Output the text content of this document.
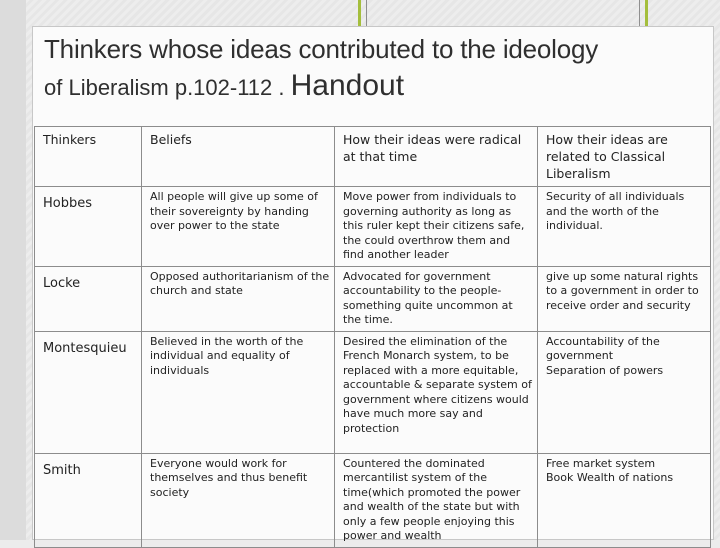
Thinkers whose ideas contributed to the ideology
of Liberalism p.102-112 . Handout
Thinkers	Beliefs	How their ideas were radical at that time	How their ideas are related to Classical Liberalism
Hobbes	All people will give up some of their sovereignty by handing over power to the state	Move power from individuals to governing authority as long as this ruler kept their citizens safe, the could overthrow them and find another leader	Security of all individuals and the worth of the individual.

Locke	Opposed authoritarianism of the church and state	Advocated for government accountability to the people- something quite uncommon at the time.	give up some natural rights to a government in order to receive order and security

Montesquieu	Believed in the worth of the individual and equality of individuals	Desired the elimination of the French Monarch system, to be replaced with a more equitable, accountable & separate system of government where citizens would have much more say and protection	Accountability of the government
Separation of powers

Smith	Everyone would work for themselves and thus benefit society	Countered the dominated mercantilist system of the time(which promoted the power and wealth of the state but with only a few people enjoying this power and wealth	Free market system
Book Wealth of nations
